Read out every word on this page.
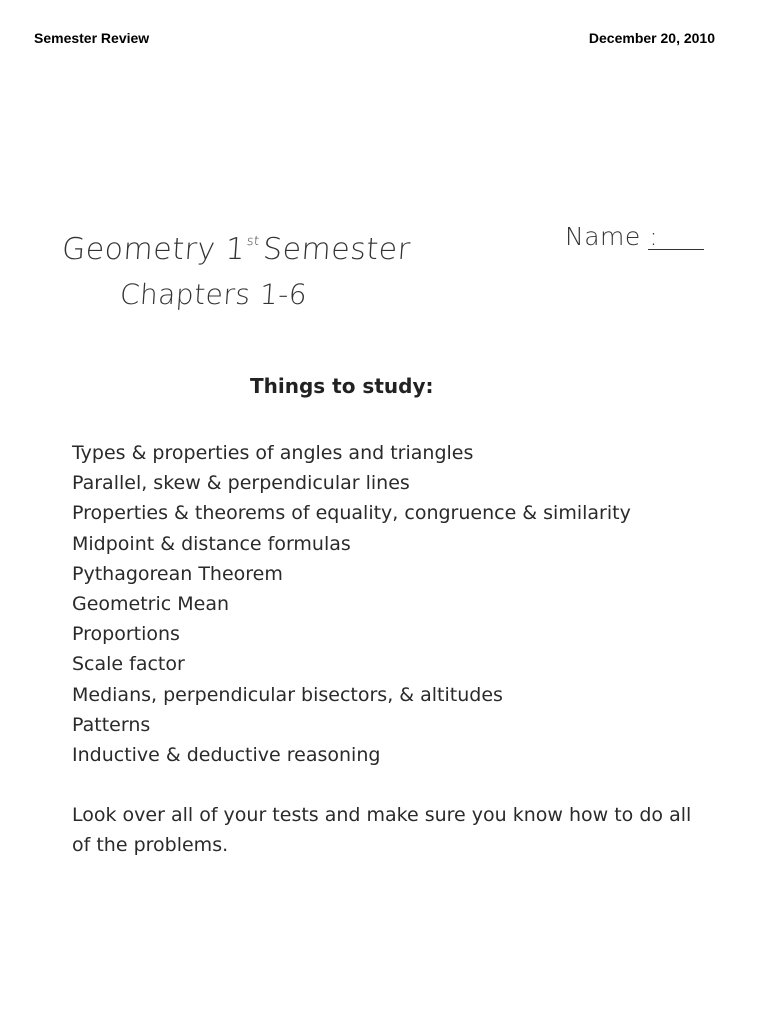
Semester Review	December 20, 2010
Geometry 1stSemester
Chapters 1-6
Name :
Things to study:
Types & properties of angles and triangles
Parallel, skew & perpendicular lines
Properties & theorems of equality, congruence & similarity
Midpoint & distance formulas
Pythagorean Theorem
Geometric Mean
Proportions
Scale factor
Medians, perpendicular bisectors, & altitudes
Patterns
Inductive & deductive reasoning
Look over all of your tests and make sure you know how to do all of the problems.
